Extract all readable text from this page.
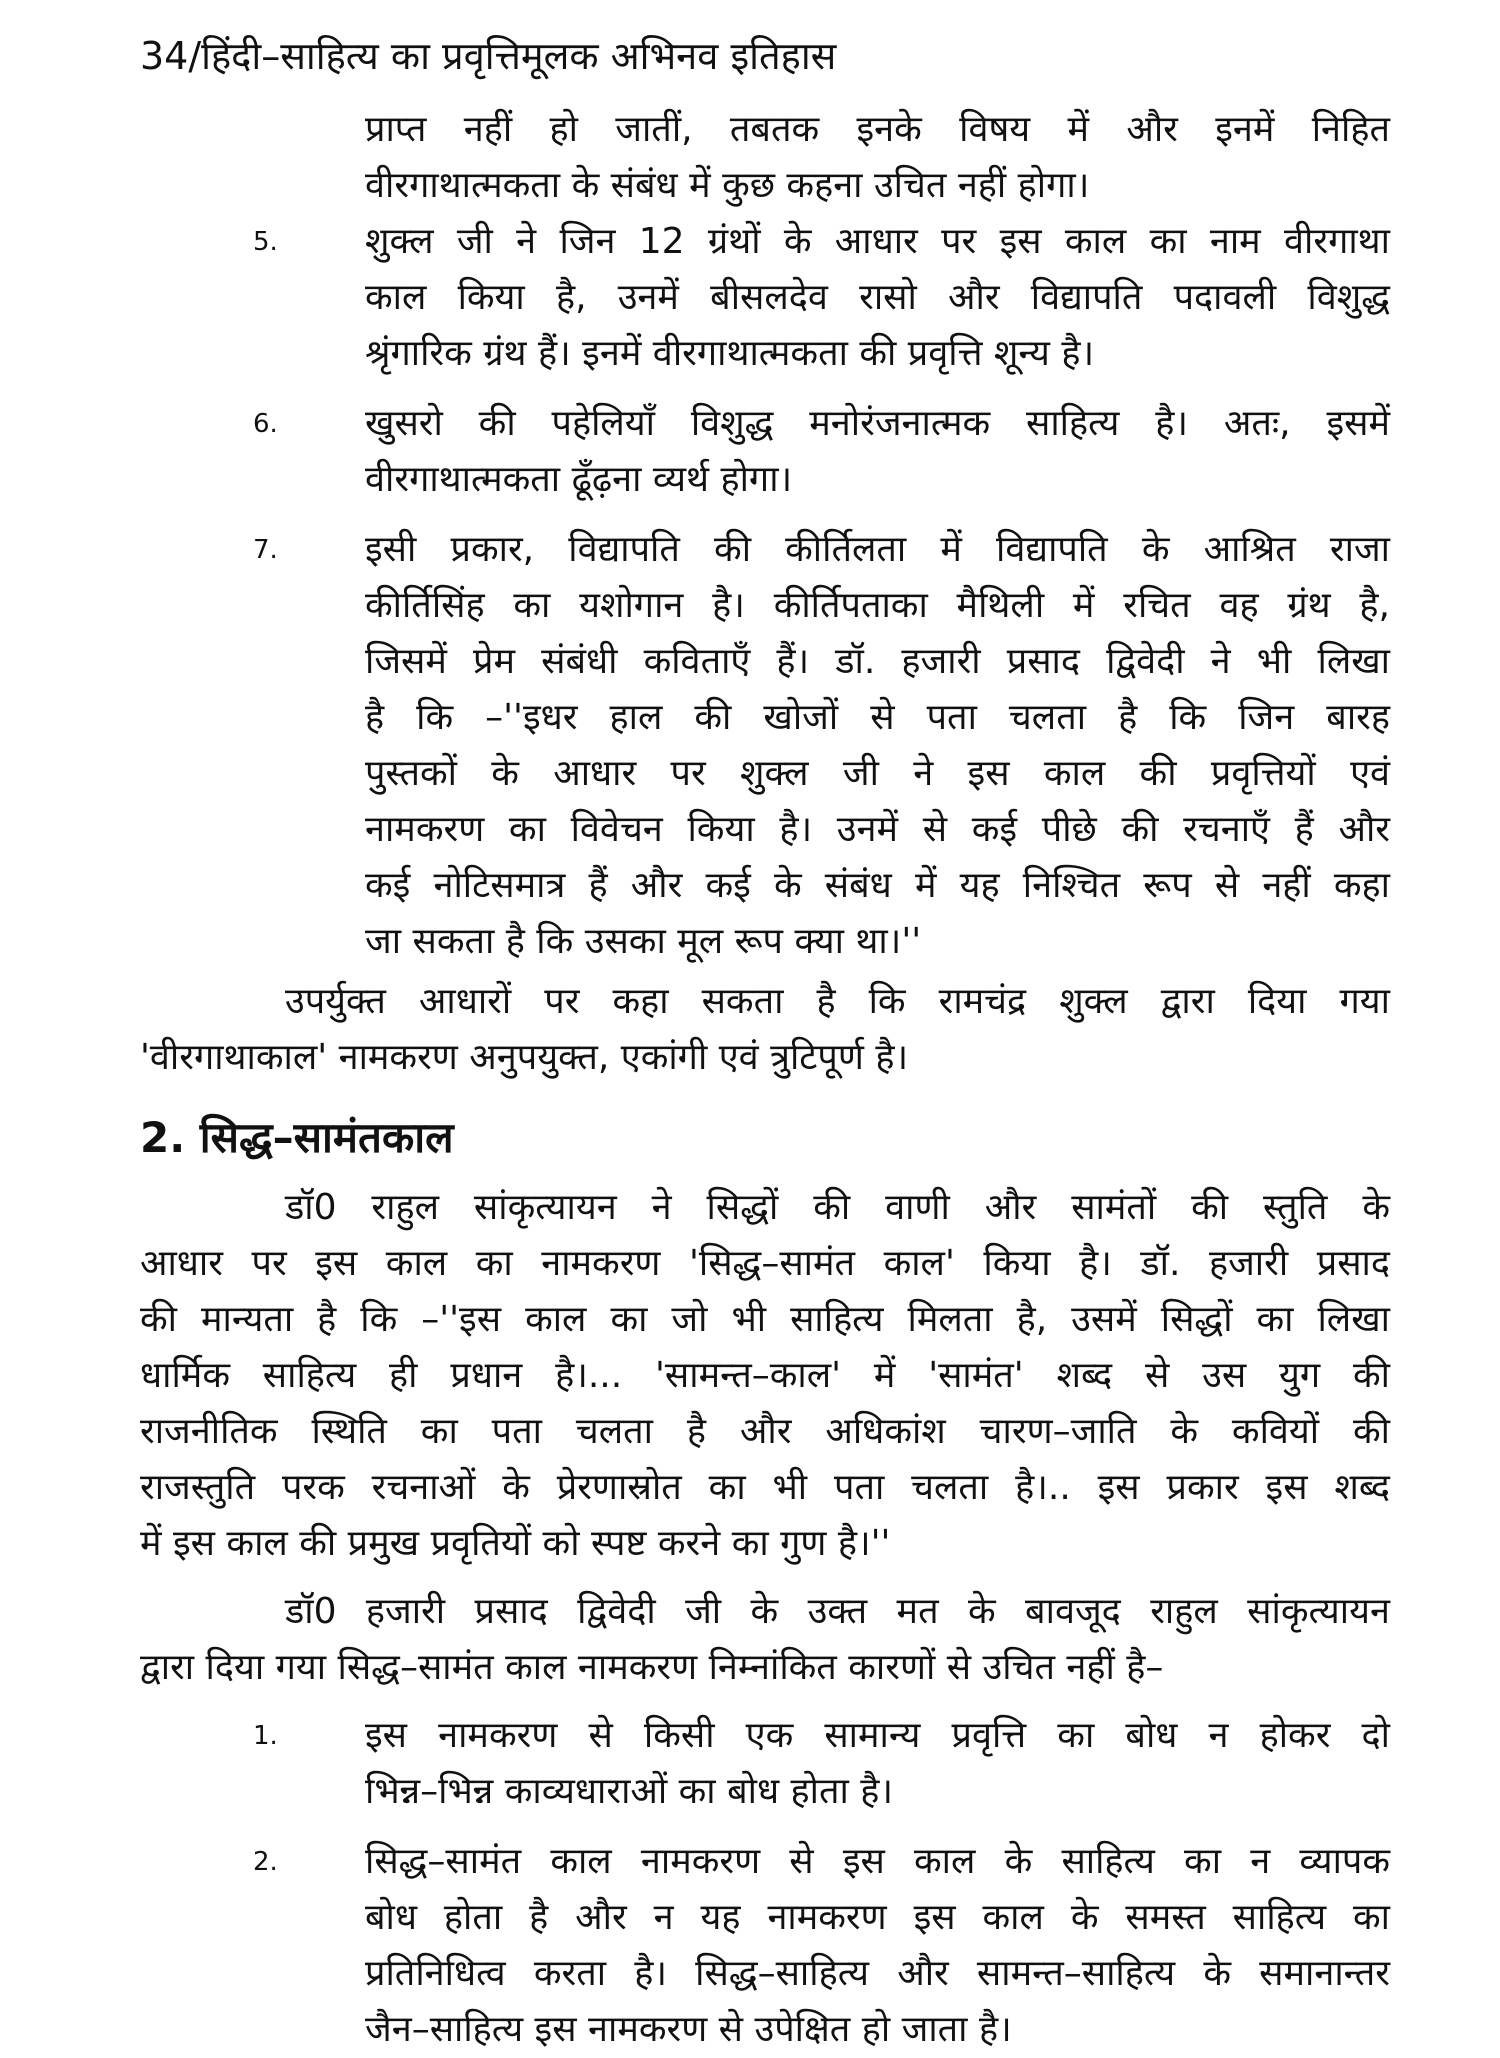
34/हिंदी–साहित्य का प्रवृत्तिमूलक अभिनव इतिहास
प्राप्त नहीं हो जातीं, तबतक इनके विषय में और इनमें निहित
वीरगाथात्मकता के संबंध में कुछ कहना उचित नहीं होगा।
5.	शुक्ल जी ने जिन 12 ग्रंथों के आधार पर इस काल का नाम वीरगाथा
काल किया है, उनमें बीसलदेव रासो और विद्यापति पदावली विशुद्ध
श्रृंगारिक ग्रंथ हैं। इनमें वीरगाथात्मकता की प्रवृत्ति शून्य है।
6.	खुसरो की पहेलियाँ विशुद्ध मनोरंजनात्मक साहित्य है। अतः, इसमें
वीरगाथात्मकता ढूँढ़ना व्यर्थ होगा।
7.	इसी प्रकार, विद्यापति की कीर्तिलता में विद्यापति के आश्रित राजा
कीर्तिसिंह का यशोगान है। कीर्तिपताका मैथिली में रचित वह ग्रंथ है,
जिसमें प्रेम संबंधी कविताएँ हैं। डॉ. हजारी प्रसाद द्विवेदी ने भी लिखा
है कि –''इधर हाल की खोजों से पता चलता है कि जिन बारह
पुस्तकों के आधार पर शुक्ल जी ने इस काल की प्रवृत्तियों एवं
नामकरण का विवेचन किया है। उनमें से कई पीछे की रचनाएँ हैं और
कई नोटिसमात्र हैं और कई के संबंध में यह निश्चित रूप से नहीं कहा
जा सकता है कि उसका मूल रूप क्या था।''
उपर्युक्त आधारों पर कहा सकता है कि रामचंद्र शुक्ल द्वारा दिया गया
'वीरगाथाकाल' नामकरण अनुपयुक्त, एकांगी एवं त्रुटिपूर्ण है।
2. सिद्ध–सामंतकाल
डॉ0 राहुल सांकृत्यायन ने सिद्धों की वाणी और सामंतों की स्तुति के
आधार पर इस काल का नामकरण 'सिद्ध–सामंत काल' किया है। डॉ. हजारी प्रसाद
की मान्यता है कि –''इस काल का जो भी साहित्य मिलता है, उसमें सिद्धों का लिखा
धार्मिक साहित्य ही प्रधान है।... 'सामन्त–काल' में 'सामंत' शब्द से उस युग की
राजनीतिक स्थिति का पता चलता है और अधिकांश चारण–जाति के कवियों की
राजस्तुति परक रचनाओं के प्रेरणास्रोत का भी पता चलता है।.. इस प्रकार इस शब्द
में इस काल की प्रमुख प्रवृतियों को स्पष्ट करने का गुण है।''
डॉ0 हजारी प्रसाद द्विवेदी जी के उक्त मत के बावजूद राहुल सांकृत्यायन
द्वारा दिया गया सिद्ध–सामंत काल नामकरण निम्नांकित कारणों से उचित नहीं है–
1.	इस नामकरण से किसी एक सामान्य प्रवृत्ति का बोध न होकर दो
भिन्न–भिन्न काव्यधाराओं का बोध होता है।
2.	सिद्ध–सामंत काल नामकरण से इस काल के साहित्य का न व्यापक
बोध होता है और न यह नामकरण इस काल के समस्त साहित्य का
प्रतिनिधित्व करता है। सिद्ध–साहित्य और सामन्त–साहित्य के समानान्तर
जैन–साहित्य इस नामकरण से उपेक्षित हो जाता है।
